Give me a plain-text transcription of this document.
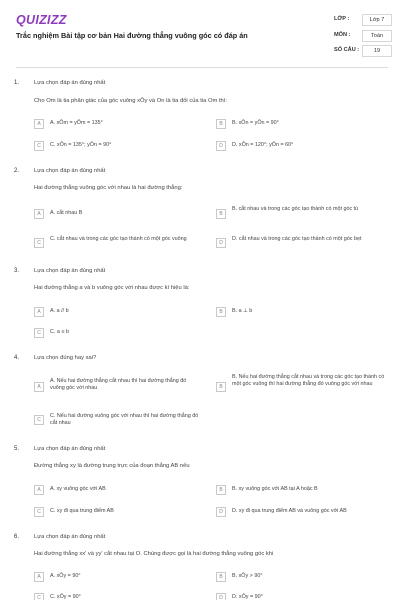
QUIZIZZ
Trắc nghiệm Bài tập cơ bản Hai đường thẳng vuông góc có đáp án
LỚP :	Lớp 7
MÔN :	Toán
SỐ CÂU :	19
1.	Lựa chọn đáp án đúng nhất
Cho Om là tia phân giác của góc vuông xÔy và On là tia đối của tia Om thì:
A	A. xÔm = yÔm = 135°	B	B. xÔn = yÔn = 90°
C	C. xÔn = 135°; yÔn = 90°	D	D. xÔn = 120°; yÔn = 60°
2.	Lựa chọn đáp án đúng nhất
Hai đường thẳng vuông góc với nhau là hai đường thẳng:
A	A. cắt nhau B	B
B. cắt nhau và trong các góc tạo thành có một góc tù
C
C. cắt nhau và trong các góc tạo thành có một góc vuông
D
D. cắt nhau và trong các góc tạo thành có một góc bẹt
3.	Lựa chọn đáp án đúng nhất
Hai đường thẳng a và b vuông góc với nhau được kí hiệu là:
A	A. a // b	B	B. a ⊥ b
C	C. a ≡ b
4.	Lựa chọn đúng hay sai?
A
A. Nếu hai đường thẳng cắt nhau thì hai đường thẳng đó vuông góc với nhau	B
B. Nếu hai đường thẳng cắt nhau và trong các góc tạo thành có một góc vuông thì hai đường thẳng đó vuông góc với nhau
C
C. Nếu hai đường vuông góc với nhau thì hai đường thẳng đó cắt nhau
5.	Lựa chọn đáp án đúng nhất
Đường thẳng xy là đường trung trực của đoạn thẳng AB nếu
A	A. xy vuông góc với AB	B	B. xy vuông góc với AB tại A hoặc B
C	C. xy đi qua trung điểm AB	D	D. xy đi qua trung điểm AB và vuông góc với AB
6.	Lựa chọn đáp án đúng nhất
Hai đường thẳng xx' và yy' cắt nhau tại O. Chúng được gọi là hai đường thẳng vuông góc khi
A	A. xÔy = 90°	B	B. xÔy > 90°
C	C. xÔy = 90°	D	D. xÔy = 90°
